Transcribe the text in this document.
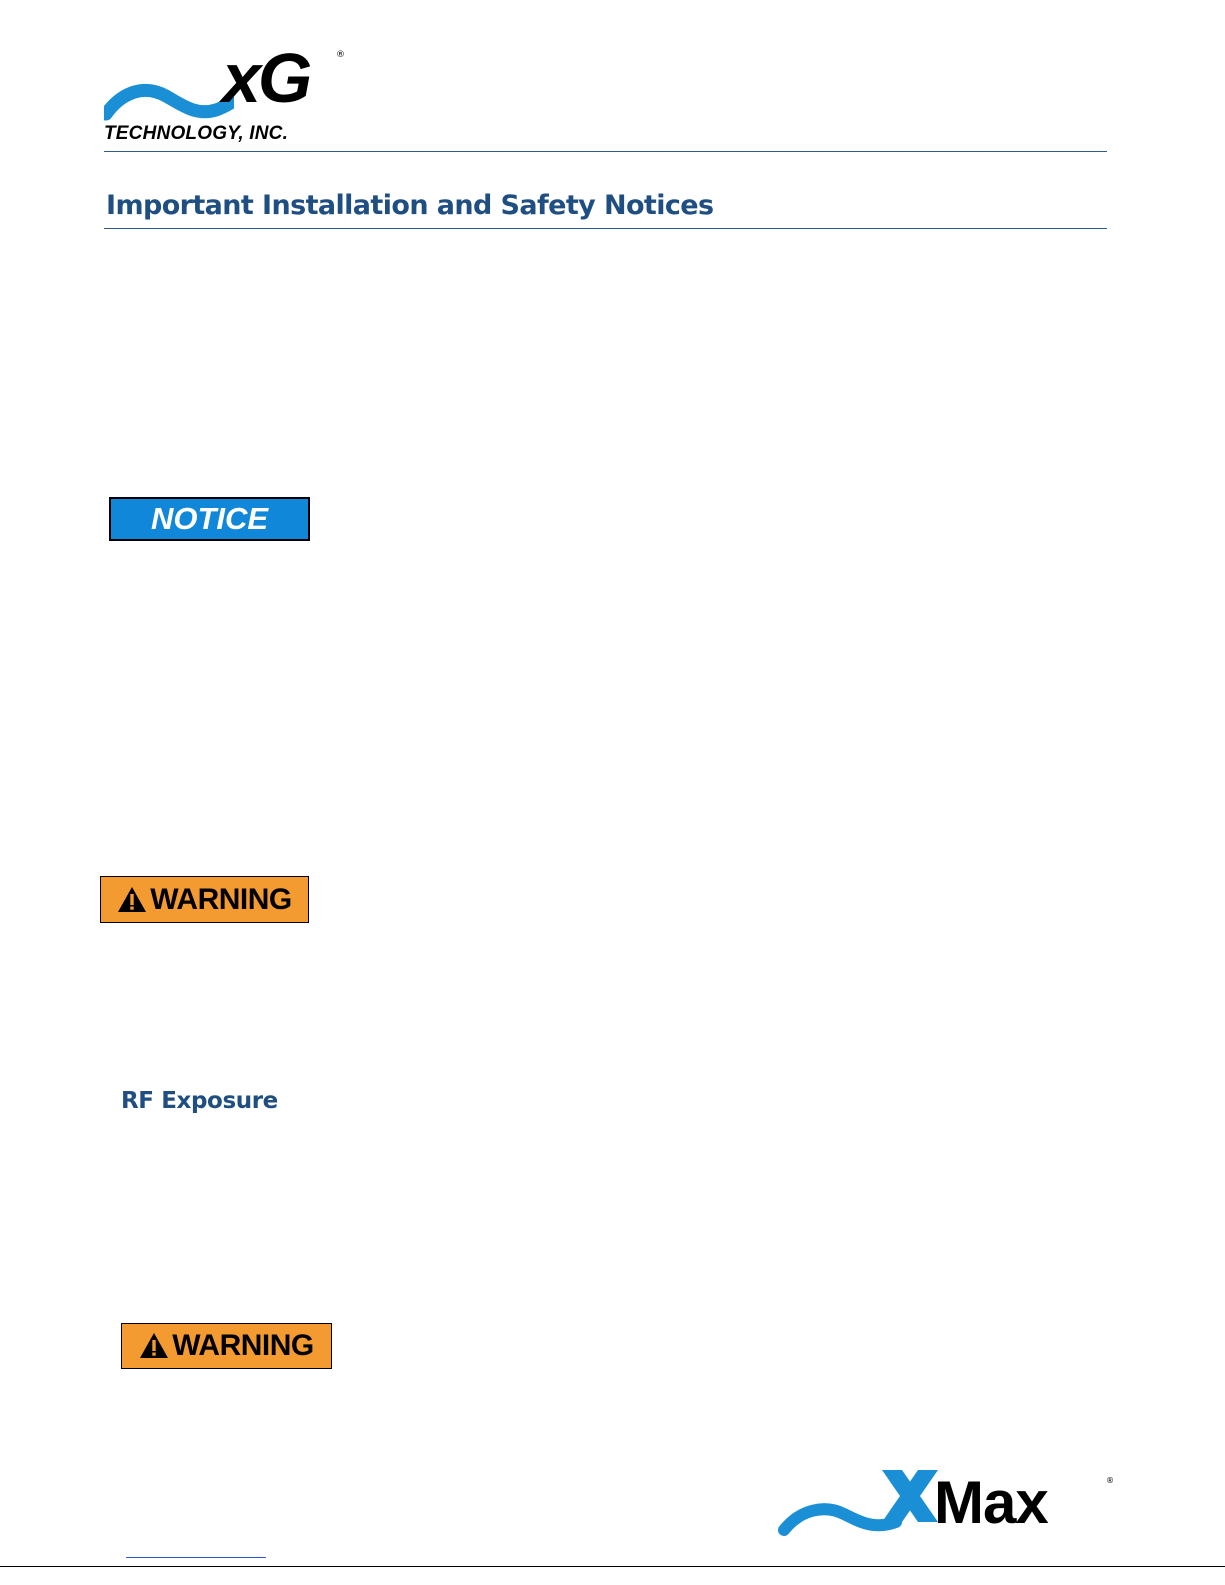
xG	®
TECHNOLOGY, INC.
Important Installation and Safety Notices
NOTICE
WARNING
RF Exposure
WARNING
Max	®
